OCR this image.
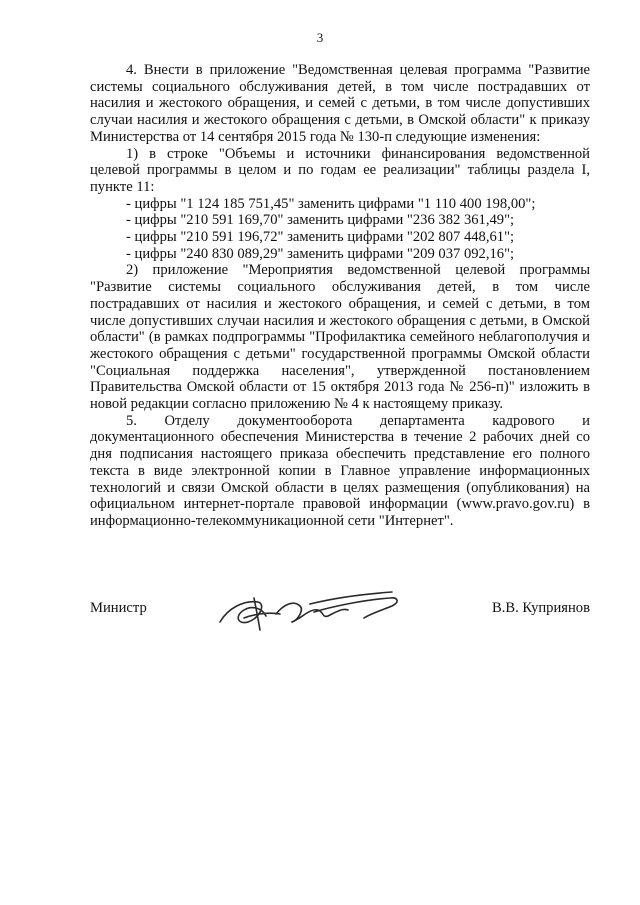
3

4. Внести в приложение "Ведомственная целевая программа "Развитие системы социального обслуживания детей, в том числе пострадавших от насилия и жестокого обращения, и семей с детьми, в том числе допустивших случаи насилия и жестокого обращения с детьми, в Омской области" к приказу Министерства от 14 сентября 2015 года № 130-п следующие изменения:

1) в строке "Объемы и источники финансирования ведомственной целевой программы в целом и по годам ее реализации" таблицы раздела I, пункте 11:

- цифры "1 124 185 751,45" заменить цифрами "1 110 400 198,00";

- цифры "210 591 169,70" заменить цифрами "236 382 361,49";

- цифры "210 591 196,72" заменить цифрами "202 807 448,61";

- цифры "240 830 089,29" заменить цифрами "209 037 092,16";

2) приложение "Мероприятия ведомственной целевой программы "Развитие системы социального обслуживания детей, в том числе пострадавших от насилия и жестокого обращения, и семей с детьми, в том числе допустивших случаи насилия и жестокого обращения с детьми, в Омской области" (в рамках подпрограммы "Профилактика семейного неблагополучия и жестокого обращения с детьми" государственной программы Омской области "Социальная поддержка населения", утвержденной постановлением Правительства Омской области от 15 октября 2013 года № 256-п)" изложить в новой редакции согласно приложению № 4 к настоящему приказу.

5. Отделу документооборота департамента кадрового и документационного обеспечения Министерства в течение 2 рабочих дней со дня подписания настоящего приказа обеспечить представление его полного текста в виде электронной копии в Главное управление информационных технологий и связи Омской области в целях размещения (опубликования) на официальном интернет-портале правовой информации (www.pravo.gov.ru) в информационно-телекоммуникационной сети "Интернет".

Министр	В.В. Куприянов
